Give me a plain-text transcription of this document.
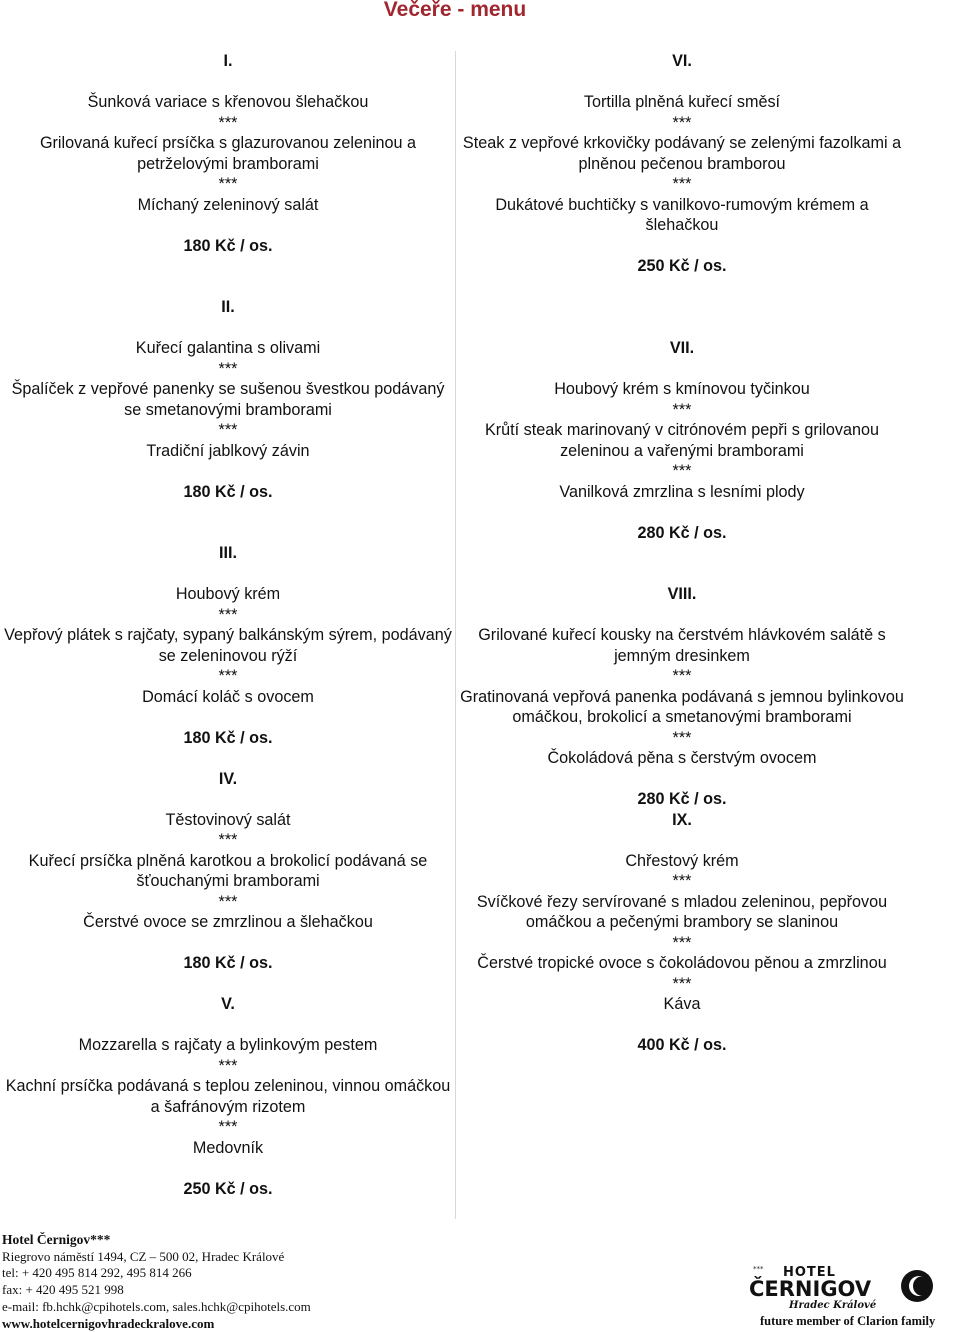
Večeře - menu
I.
Šunková variace s křenovou šlehačkou
***
Grilovaná kuřecí prsíčka s glazurovanou zeleninou a petrželovými bramborami
***
Míchaný zeleninový salát
180 Kč / os.
II.
Kuřecí galantina s olivami
***
Špalíček z vepřové panenky se sušenou švestkou podávaný se smetanovými bramborami
***
Tradiční jablkový závin
180 Kč / os.
III.
Houbový krém
***
Vepřový plátek s rajčaty, sypaný balkánským sýrem, podávaný se zeleninovou rýží
***
Domácí koláč s ovocem
180 Kč / os.
IV.
Těstovinový salát
***
Kuřecí prsíčka plněná karotkou a brokolicí podávaná se šťouchanými bramborami
***
Čerstvé ovoce se zmrzlinou a šlehačkou
180 Kč / os.
V.
Mozzarella s rajčaty a bylinkovým pestem
***
Kachní prsíčka podávaná s teplou zeleninou, vinnou omáčkou a šafránovým rizotem
***
Medovník
250 Kč / os.
VI.
Tortilla plněná kuřecí směsí
***
Steak z vepřové krkovičky podávaný se zelenými fazolkami a plněnou pečenou bramborou
***
Dukátové buchtičky s vanilkovo-rumovým krémem a šlehačkou
250 Kč / os.
VII.
Houbový krém s kmínovou tyčinkou
***
Krůtí steak marinovaný v citrónovém pepři s grilovanou zeleninou a vařenými bramborami
***
Vanilková zmrzlina s lesními plody
280 Kč / os.
VIII.
Grilované kuřecí kousky na čerstvém hlávkovém salátě s jemným dresinkem
***
Gratinovaná vepřová panenka podávaná s jemnou bylinkovou omáčkou, brokolicí a smetanovými bramborami
***
Čokoládová pěna s čerstvým ovocem
280 Kč / os.
IX.
Chřestový krém
***
Svíčkové řezy servírované s mladou zeleninou, pepřovou omáčkou a pečenými brambory se slaninou
***
Čerstvé tropické ovoce s čokoládovou pěnou a zmrzlinou
***
Káva
400 Kč / os.
Hotel Černigov***
Riegrovo náměstí 1494, CZ – 500 02, Hradec Králové
tel: + 420 495 814 292, 495 814 266
fax: + 420 495 521 998
e-mail: fb.hchk@cpihotels.com, sales.hchk@cpihotels.com
www.hotelcernigovhradeckralove.com
*** HOTEL
ČERNIGOV
Hradec Králové
future member of Clarion family
